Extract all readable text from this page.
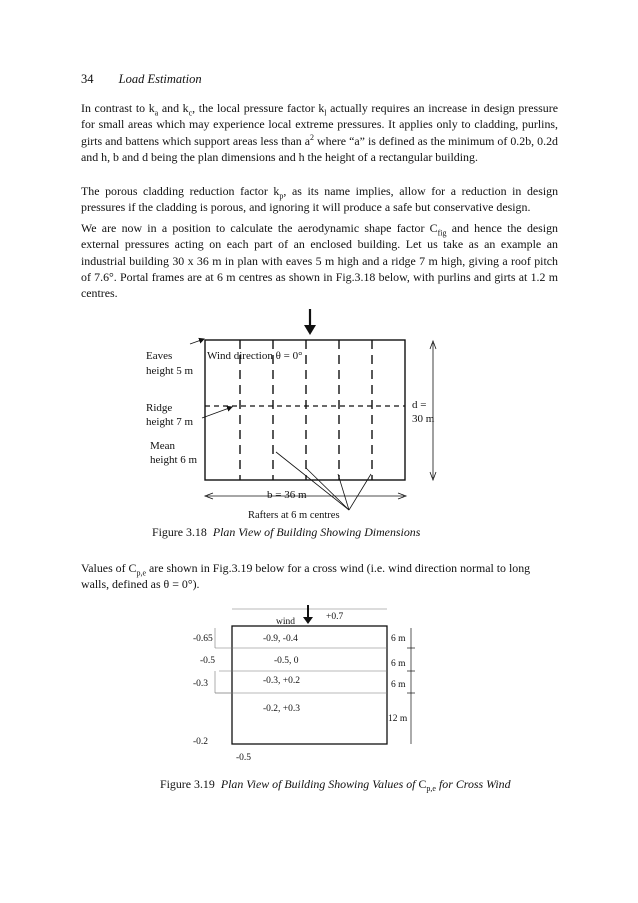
34 Load Estimation

In contrast to $k_a$ and $k_c$, the local pressure factor $k_l$ actually requires an increase in design pressure for small areas which may experience local extreme pressures. It applies only to cladding, purlins, girts and battens which support areas less than $a^2$ where “a” is defined as the minimum of 0.2b, 0.2d and h, b and d being the plan dimensions and h the height of a rectangular building.

The porous cladding reduction factor $k_p$, as its name implies, allow for a reduction in design pressures if the cladding is porous, and ignoring it will produce a safe but conservative design.

We are now in a position to calculate the aerodynamic shape factor $C_{fig}$ and hence the design external pressures acting on each part of an enclosed building. Let us take as an example an industrial building 30 x 36 m in plan with eaves 5 m high and a ridge 7 m high, giving a roof pitch of 7.6°. Portal frames are at 6 m centres as shown in Fig.3.18 below, with purlins and girts at 1.2 m centres.

Values of $C_{p,e}$ are shown in Fig.3.19 below for a cross wind (i.e. wind direction normal to long walls, defined as θ = 0°).

Eaves
height 5 m
Wind direction θ = 0°
Ridge
height 7 m
Mean
height 6 m
d =
30 m
b = 36 m
Rafters at 6 m centres
Figure 3.18 Plan View of Building Showing Dimensions
wind	+0.7
-0.65	-0.9, -0.4
-0.5	-0.5, 0
-0.3	-0.3, +0.2
-0.2, +0.3
-0.2
-0.5
6 m
6 m
6 m
12 m
Figure 3.19 Plan View of Building Showing Values of $C_{p,e}$ for Cross Wind
